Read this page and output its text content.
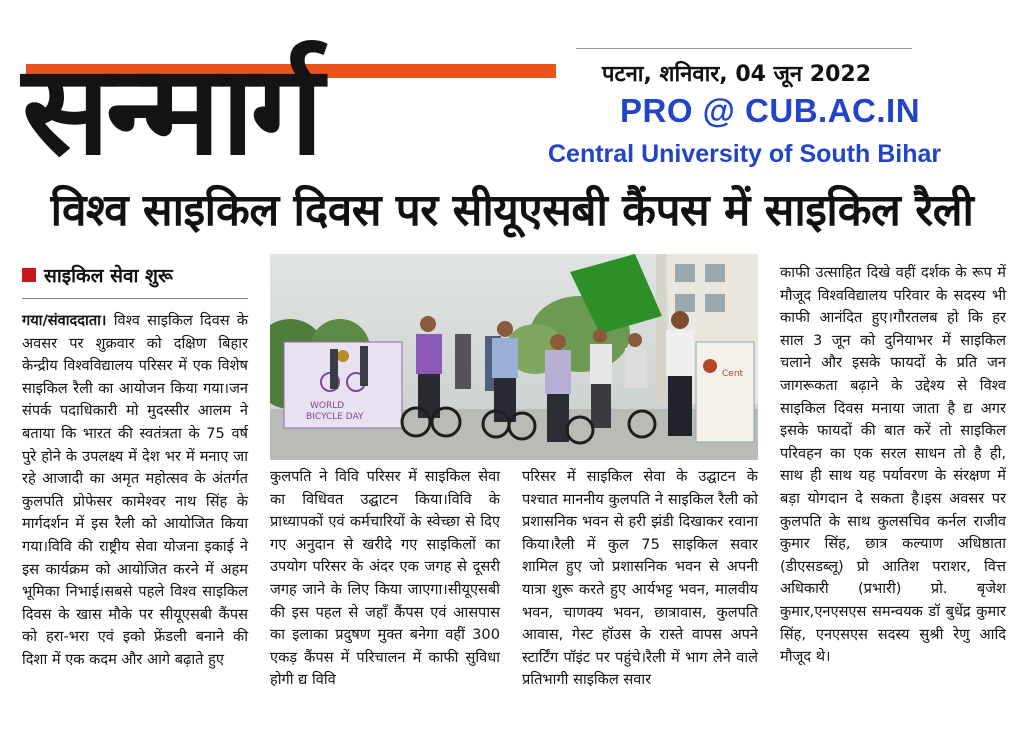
सन्मार्ग	पटना, शनिवार, 04 जून 2022
PRO @ CUB.AC.IN
Central University of South Bihar
विश्व साइकिल दिवस पर सीयूएसबी कैंपस में साइकिल रैली
साइकिल सेवा शुरू
गया/संवाददाता। विश्व साइकिल दिवस के अवसर पर शुक्रवार को दक्षिण बिहार केन्द्रीय विश्वविद्यालय परिसर में एक विशेष साइकिल रैली का आयोजन किया गया।जन संपर्क पदाधिकारी मो मुदस्सीर आलम ने बताया कि भारत की स्वतंत्रता के 75 वर्ष पुरे होने के उपलक्ष्य में देश भर में मनाए जा रहे आजादी का अमृत महोत्सव के अंतर्गत कुलपति प्रोफेसर कामेश्वर नाथ सिंह के मार्गदर्शन में इस रैली को आयोजित किया गया।विवि की राष्ट्रीय सेवा योजना इकाई ने इस कार्यक्रम को आयोजित करने में अहम भूमिका निभाई।सबसे पहले विश्व साइकिल दिवस के खास मौके पर सीयूएसबी कैंपस को हरा-भरा एवं इको फ्रेंडली बनाने की दिशा में एक कदम और आगे बढ़ाते हुए
WORLD
BICYCLE DAY
Cent
कुलपति ने विवि परिसर में साइकिल सेवा का विधिवत उद्घाटन किया।विवि के प्राध्यापकों एवं कर्मचारियों के स्वेच्छा से दिए गए अनुदान से खरीदे गए साइकिलों का उपयोग परिसर के अंदर एक जगह से दूसरी जगह जाने के लिए किया जाएगा।सीयूएसबी की इस पहल से जहाँ कैंपस एवं आसपास का इलाका प्रदुषण मुक्त बनेगा वहीं 300 एकड़ कैंपस में परिचालन में काफी सुविधा होगी द्य विवि
परिसर में साइकिल सेवा के उद्घाटन के पश्चात माननीय कुलपति ने साइकिल रैली को प्रशासनिक भवन से हरी झंडी दिखाकर रवाना किया।रैली में कुल 75 साइकिल सवार शामिल हुए जो प्रशासनिक भवन से अपनी यात्रा शुरू करते हुए आर्यभट्ट भवन, मालवीय भवन, चाणक्य भवन, छात्रावास, कुलपति आवास, गेस्ट हॉउस के रास्ते वापस अपने स्टार्टिंग पॉइंट पर पहुंचे।रैली में भाग लेने वाले प्रतिभागी साइकिल सवार
काफी उत्साहित दिखे वहीं दर्शक के रूप में मौजूद विश्वविद्यालय परिवार के सदस्य भी काफी आनंदित हुए।गौरतलब हो कि हर साल 3 जून को दुनियाभर में साइकिल चलाने और इसके फायदों के प्रति जन जागरूकता बढ़ाने के उद्देश्य से विश्व साइकिल दिवस मनाया जाता है द्य अगर इसके फायदों की बात करें तो साइकिल परिवहन का एक सरल साधन तो है ही, साथ ही साथ यह पर्यावरण के संरक्षण में बड़ा योगदान दे सकता है।इस अवसर पर कुलपति के साथ कुलसचिव कर्नल राजीव कुमार सिंह, छात्र कल्याण अधिष्ठाता (डीएसडब्लू) प्रो आतिश पराशर, वित्त अधिकारी (प्रभारी) प्रो. बृजेश कुमार,एनएसएस समन्वयक डॉ बुधेंद्र कुमार सिंह, एनएसएस सदस्य सुश्री रेणु आदि मौजूद थे।
